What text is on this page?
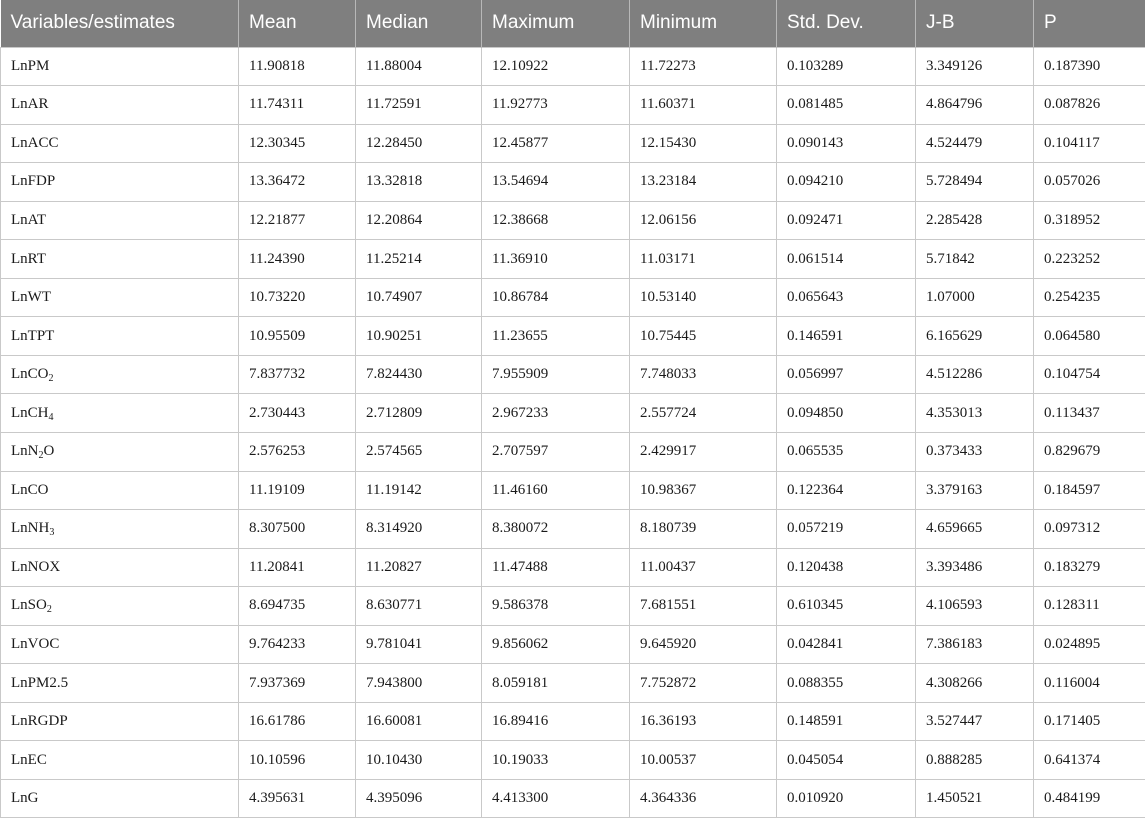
Variables/estimates	Mean	Median	Maximum	Minimum	Std. Dev.	J-B	P
LnPM	11.90818	11.88004	12.10922	11.72273	0.103289	3.349126	0.187390
LnAR	11.74311	11.72591	11.92773	11.60371	0.081485	4.864796	0.087826
LnACC	12.30345	12.28450	12.45877	12.15430	0.090143	4.524479	0.104117
LnFDP	13.36472	13.32818	13.54694	13.23184	0.094210	5.728494	0.057026
LnAT	12.21877	12.20864	12.38668	12.06156	0.092471	2.285428	0.318952
LnRT	11.24390	11.25214	11.36910	11.03171	0.061514	5.71842	0.223252
LnWT	10.73220	10.74907	10.86784	10.53140	0.065643	1.07000	0.254235
LnTPT	10.95509	10.90251	11.23655	10.75445	0.146591	6.165629	0.064580
LnCO$_2$	7.837732	7.824430	7.955909	7.748033	0.056997	4.512286	0.104754
LnCH$_4$	2.730443	2.712809	2.967233	2.557724	0.094850	4.353013	0.113437
LnN$_2$O	2.576253	2.574565	2.707597	2.429917	0.065535	0.373433	0.829679
LnCO	11.19109	11.19142	11.46160	10.98367	0.122364	3.379163	0.184597
LnNH$_3$	8.307500	8.314920	8.380072	8.180739	0.057219	4.659665	0.097312
LnNOX	11.20841	11.20827	11.47488	11.00437	0.120438	3.393486	0.183279
LnSO$_2$	8.694735	8.630771	9.586378	7.681551	0.610345	4.106593	0.128311
LnVOC	9.764233	9.781041	9.856062	9.645920	0.042841	7.386183	0.024895
LnPM2.5	7.937369	7.943800	8.059181	7.752872	0.088355	4.308266	0.116004
LnRGDP	16.61786	16.60081	16.89416	16.36193	0.148591	3.527447	0.171405
LnEC	10.10596	10.10430	10.19033	10.00537	0.045054	0.888285	0.641374
LnG	4.395631	4.395096	4.413300	4.364336	0.010920	1.450521	0.484199
